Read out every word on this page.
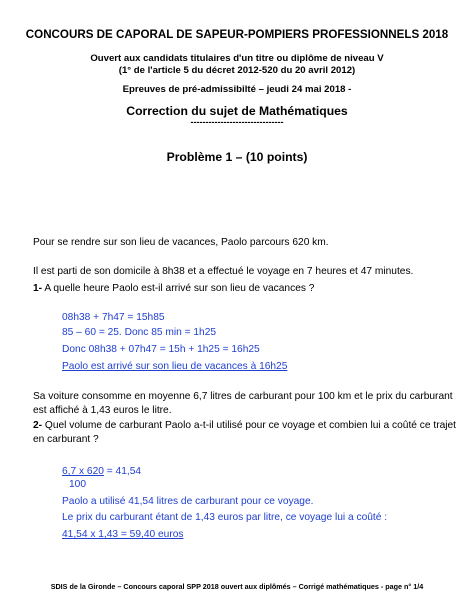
CONCOURS DE CAPORAL DE SAPEUR-POMPIERS PROFESSIONNELS 2018
Ouvert aux candidats titulaires d'un titre ou diplôme de niveau V
(1° de l'article 5 du décret 2012-520 du 20 avril 2012)
Epreuves de pré-admissibilté – jeudi 24 mai 2018 -
Correction du sujet de Mathématiques
-------------------------------
Problème 1 – (10 points)
Pour se rendre sur son lieu de vacances, Paolo parcours 620 km.
Il est parti de son domicile à 8h38 et a effectué le voyage en 7 heures et 47 minutes.
1- A quelle heure Paolo est-il arrivé sur son lieu de vacances ?
08h38 + 7h47 = 15h85
85 – 60 = 25. Donc 85 min = 1h25
Donc 08h38 + 07h47 = 15h + 1h25 = 16h25
Paolo est arrivé sur son lieu de vacances à 16h25
Sa voiture consomme en moyenne 6,7 litres de carburant pour 100 km et le prix du carburant
est affiché à 1,43 euros le litre.
2- Quel volume de carburant Paolo a-t-il utilisé pour ce voyage et combien lui a coûté ce trajet
en carburant ?
6,7 x 620 = 41,54
100
Paolo a utilisé 41,54 litres de carburant pour ce voyage.
Le prix du carburant étant de 1,43 euros par litre, ce voyage lui a coûté :
41,54 x 1,43 = 59,40 euros
SDIS de la Gironde – Concours caporal SPP 2018 ouvert aux diplômés – Corrigé mathématiques - page n° 1/4
